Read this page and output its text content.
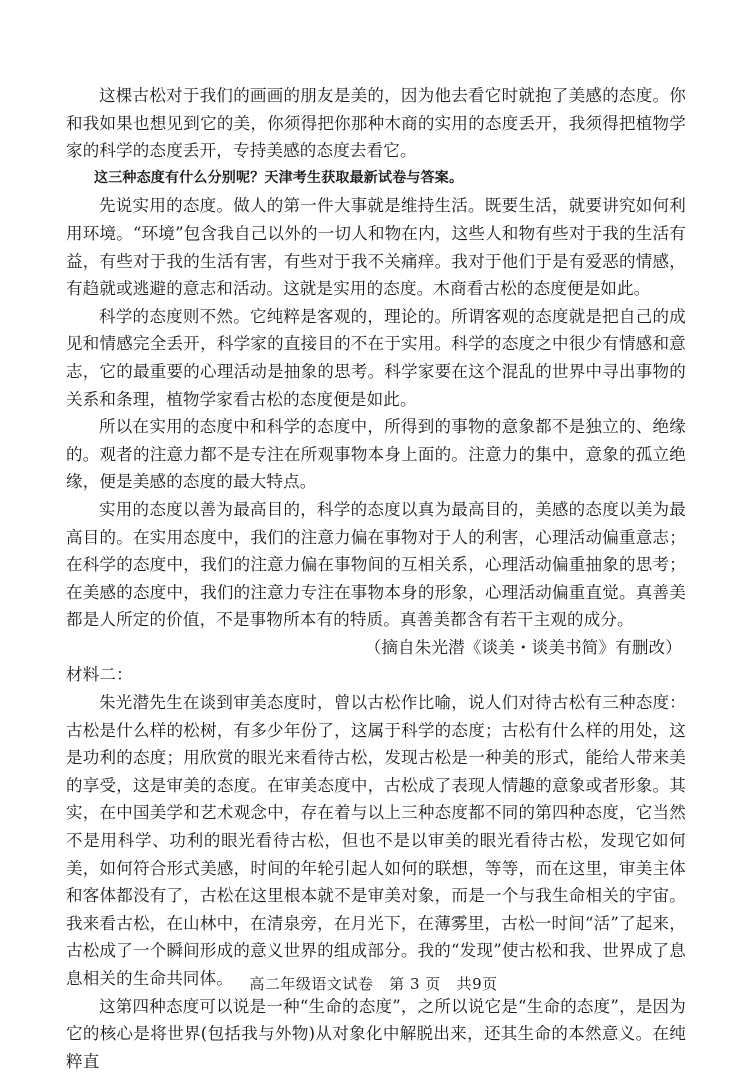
这棵古松对于我们的画画的朋友是美的，因为他去看它时就抱了美感的态度。你和我如果也想见到它的美，你须得把你那种木商的实用的态度丢开，我须得把植物学家的科学的态度丢开，专持美感的态度去看它。

这三种态度有什么分别呢？天津考生获取最新试卷与答案。

先说实用的态度。做人的第一件大事就是维持生活。既要生活，就要讲究如何利用环境。“环境”包含我自己以外的一切人和物在内，这些人和物有些对于我的生活有益，有些对于我的生活有害，有些对于我不关痛痒。我对于他们于是有爱恶的情感，有趋就或逃避的意志和活动。这就是实用的态度。木商看古松的态度便是如此。

科学的态度则不然。它纯粹是客观的，理论的。所谓客观的态度就是把自己的成见和情感完全丢开，科学家的直接目的不在于实用。科学的态度之中很少有情感和意志，它的最重要的心理活动是抽象的思考。科学家要在这个混乱的世界中寻出事物的关系和条理，植物学家看古松的态度便是如此。

所以在实用的态度中和科学的态度中，所得到的事物的意象都不是独立的、绝缘的。观者的注意力都不是专注在所观事物本身上面的。注意力的集中，意象的孤立绝缘，便是美感的态度的最大特点。

实用的态度以善为最高目的，科学的态度以真为最高目的，美感的态度以美为最高目的。在实用态度中，我们的注意力偏在事物对于人的利害，心理活动偏重意志；在科学的态度中，我们的注意力偏在事物间的互相关系，心理活动偏重抽象的思考；在美感的态度中，我们的注意力专注在事物本身的形象，心理活动偏重直觉。真善美都是人所定的价值，不是事物所本有的特质。真善美都含有若干主观的成分。

（摘自朱光潜《谈美・谈美书简》有删改）

材料二：

朱光潜先生在谈到审美态度时，曾以古松作比喻，说人们对待古松有三种态度：古松是什么样的松树，有多少年份了，这属于科学的态度；古松有什么样的用处，这是功利的态度；用欣赏的眼光来看待古松，发现古松是一种美的形式，能给人带来美的享受，这是审美的态度。在审美态度中，古松成了表现人情趣的意象或者形象。其实，在中国美学和艺术观念中，存在着与以上三种态度都不同的第四种态度，它当然不是用科学、功利的眼光看待古松，但也不是以审美的眼光看待古松，发现它如何美，如何符合形式美感，时间的年轮引起人如何的联想，等等，而在这里，审美主体和客体都没有了，古松在这里根本就不是审美对象，而是一个与我生命相关的宇宙。我来看古松，在山林中，在清泉旁，在月光下，在薄雾里，古松一时间“活”了起来，古松成了一个瞬间形成的意义世界的组成部分。我的“发现”使古松和我、世界成了息息相关的生命共同体。

这第四种态度可以说是一种“生命的态度”，之所以说它是“生命的态度”，是因为它的核心是将世界(包括我与外物)从对象化中解脱出来，还其生命的本然意义。在纯粹直

高二年级语文试卷   第 3 页   共9页
